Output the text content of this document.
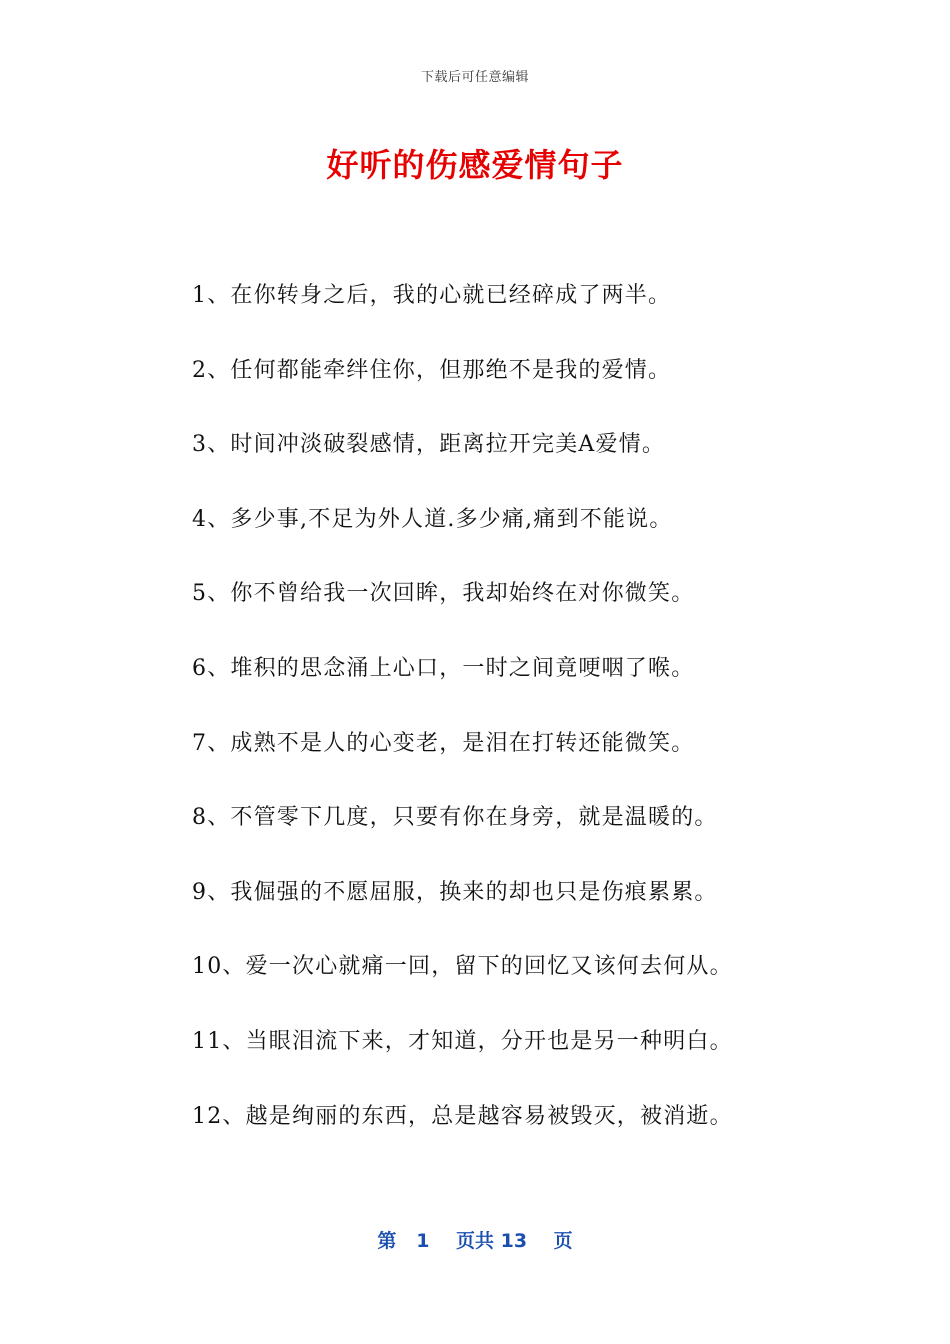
下载后可任意编辑
好听的伤感爱情句子
1、在你转身之后，我的心就已经碎成了两半。
2、任何都能牵绊住你，但那绝不是我的爱情。
3、时间冲淡破裂感情，距离拉开完美A爱情。
4、多少事,不足为外人道.多少痛,痛到不能说。
5、你不曾给我一次回眸，我却始终在对你微笑。
6、堆积的思念涌上心口，一时之间竟哽咽了喉。
7、成熟不是人的心变老，是泪在打转还能微笑。
8、不管零下几度，只要有你在身旁，就是温暖的。
9、我倔强的不愿屈服，换来的却也只是伤痕累累。
10、爱一次心就痛一回，留下的回忆又该何去何从。
11、当眼泪流下来，才知道，分开也是另一种明白。
12、越是绚丽的东西，总是越容易被毁灭，被消逝。
第 1 页共 13 页
